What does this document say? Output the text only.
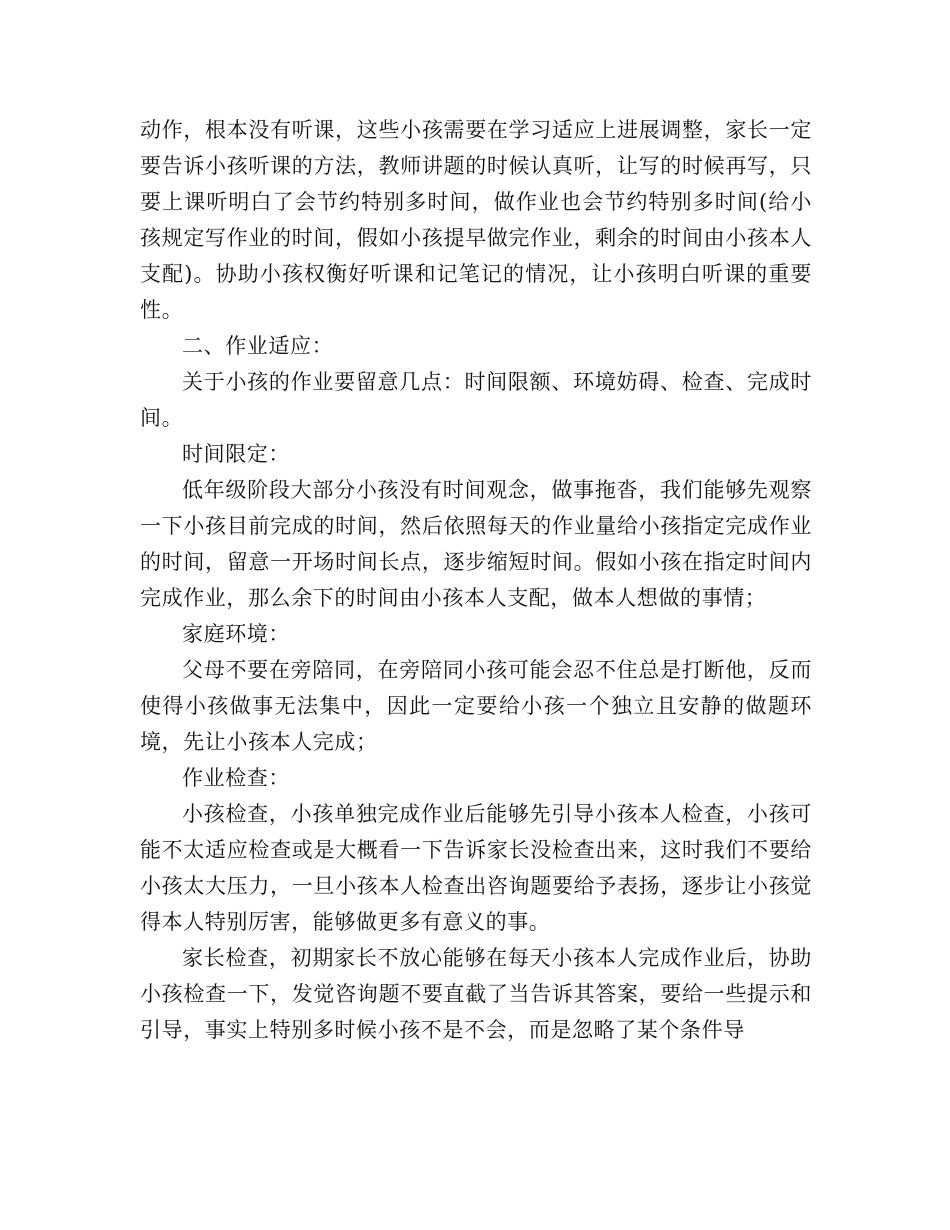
动作，根本没有听课，这些小孩需要在学习适应上进展调整，家长一定要告诉小孩听课的方法，教师讲题的时候认真听，让写的时候再写，只要上课听明白了会节约特别多时间，做作业也会节约特别多时间(给小孩规定写作业的时间，假如小孩提早做完作业，剩余的时间由小孩本人支配)。协助小孩权衡好听课和记笔记的情况，让小孩明白听课的重要性。

二、作业适应：

关于小孩的作业要留意几点：时间限额、环境妨碍、检查、完成时间。

时间限定：

低年级阶段大部分小孩没有时间观念，做事拖沓，我们能够先观察一下小孩目前完成的时间，然后依照每天的作业量给小孩指定完成作业的时间，留意一开场时间长点，逐步缩短时间。假如小孩在指定时间内完成作业，那么余下的时间由小孩本人支配，做本人想做的事情；

家庭环境：

父母不要在旁陪同，在旁陪同小孩可能会忍不住总是打断他，反而使得小孩做事无法集中，因此一定要给小孩一个独立且安静的做题环境，先让小孩本人完成；

作业检查：

小孩检查，小孩单独完成作业后能够先引导小孩本人检查，小孩可能不太适应检查或是大概看一下告诉家长没检查出来，这时我们不要给小孩太大压力，一旦小孩本人检查出咨询题要给予表扬，逐步让小孩觉得本人特别厉害，能够做更多有意义的事。

家长检查，初期家长不放心能够在每天小孩本人完成作业后，协助小孩检查一下，发觉咨询题不要直截了当告诉其答案，要给一些提示和引导，事实上特别多时候小孩不是不会，而是忽略了某个条件导
